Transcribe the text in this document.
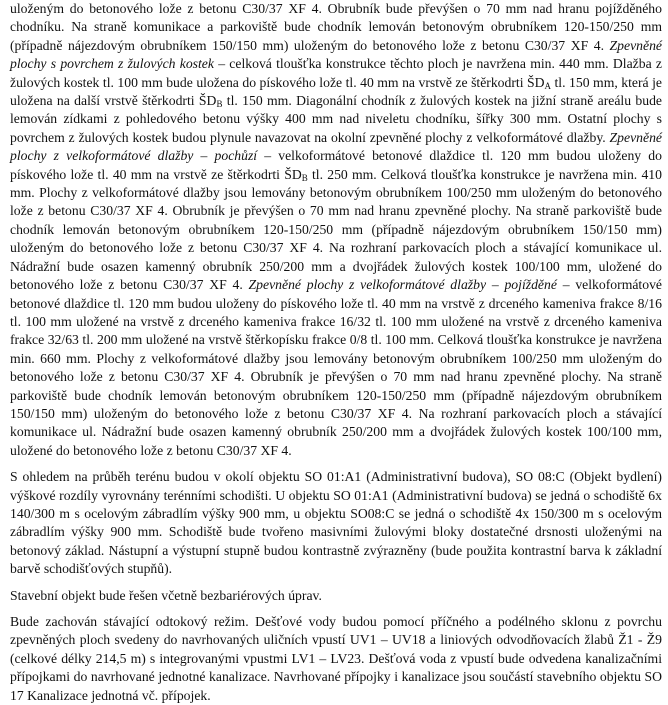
uloženým do betonového lože z betonu C30/37 XF 4. Obrubník bude převýšen o 70 mm nad hranu pojížděného chodníku. Na straně komunikace a parkoviště bude chodník lemován betonovým obrubníkem 120-150/250 mm (případně nájezdovým obrubníkem 150/150 mm) uloženým do betonového lože z betonu C30/37 XF 4. Zpevněné plochy s povrchem z žulových kostek – celková tloušťka konstrukce těchto ploch je navržena min. 440 mm. Dlažba z žulových kostek tl. 100 mm bude uložena do pískového lože tl. 40 mm na vrstvě ze štěrkodrti $ŠD_A$ tl. 150 mm, která je uložena na další vrstvě štěrkodrti $ŠD_B$ tl. 150 mm. Diagonální chodník z žulových kostek na jižní straně areálu bude lemován zídkami z pohledového betonu výšky 400 mm nad niveletu chodníku, šířky 300 mm. Ostatní plochy s povrchem z žulových kostek budou plynule navazovat na okolní zpevněné plochy z velkoformátové dlažby. Zpevněné plochy z velkoformátové dlažby – pochůzí – velkoformátové betonové dlaždice tl. 120 mm budou uloženy do pískového lože tl. 40 mm na vrstvě ze štěrkodrti $ŠD_B$ tl. 250 mm. Celková tloušťka konstrukce je navržena min. 410 mm. Plochy z velkoformátové dlažby jsou lemovány betonovým obrubníkem 100/250 mm uloženým do betonového lože z betonu C30/37 XF 4. Obrubník je převýšen o 70 mm nad hranu zpevněné plochy. Na straně parkoviště bude chodník lemován betonovým obrubníkem 120-150/250 mm (případně nájezdovým obrubníkem 150/150 mm) uloženým do betonového lože z betonu C30/37 XF 4. Na rozhraní parkovacích ploch a stávající komunikace ul. Nádražní bude osazen kamenný obrubník 250/200 mm a dvojřádek žulových kostek 100/100 mm, uložené do betonového lože z betonu C30/37 XF 4. Zpevněné plochy z velkoformátové dlažby – pojížděné – velkoformátové betonové dlaždice tl. 120 mm budou uloženy do pískového lože tl. 40 mm na vrstvě z drceného kameniva frakce 8/16 tl. 100 mm uložené na vrstvě z drceného kameniva frakce 16/32 tl. 100 mm uložené na vrstvě z drceného kameniva frakce 32/63 tl. 200 mm uložené na vrstvě štěrkopísku frakce 0/8 tl. 100 mm. Celková tloušťka konstrukce je navržena min. 660 mm. Plochy z velkoformátové dlažby jsou lemovány betonovým obrubníkem 100/250 mm uloženým do betonového lože z betonu C30/37 XF 4. Obrubník je převýšen o 70 mm nad hranu zpevněné plochy. Na straně parkoviště bude chodník lemován betonovým obrubníkem 120-150/250 mm (případně nájezdovým obrubníkem 150/150 mm) uloženým do betonového lože z betonu C30/37 XF 4. Na rozhraní parkovacích ploch a stávající komunikace ul. Nádražní bude osazen kamenný obrubník 250/200 mm a dvojřádek žulových kostek 100/100 mm, uložené do betonového lože z betonu C30/37 XF 4.

S ohledem na průběh terénu budou v okolí objektu SO 01:A1 (Administrativní budova), SO 08:C (Objekt bydlení) výškové rozdíly vyrovnány terénními schodišti. U objektu SO 01:A1 (Administrativní budova) se jedná o schodiště 6x 140/300 m s ocelovým zábradlím výšky 900 mm, u objektu SO08:C se jedná o schodiště 4x 150/300 m s ocelovým zábradlím výšky 900 mm. Schodiště bude tvořeno masivními žulovými bloky dostatečné drsnosti uloženými na betonový základ. Nástupní a výstupní stupně budou kontrastně zvýrazněny (bude použita kontrastní barva k základní barvě schodišťových stupňů).

Stavební objekt bude řešen včetně bezbariérových úprav.

Bude zachován stávající odtokový režim. Dešťové vody budou pomocí příčného a podélného sklonu z povrchu zpevněných ploch svedeny do navrhovaných uličních vpustí UV1 – UV18 a liniových odvodňovacích žlabů Ž1 - Ž9 (celkové délky 214,5 m) s integrovanými vpustmi LV1 – LV23. Dešťová voda z vpustí bude odvedena kanalizačními přípojkami do navrhované jednotné kanalizace. Navrhované přípojky i kanalizace jsou součástí stavebního objektu SO 17 Kanalizace jednotná vč. přípojek.
